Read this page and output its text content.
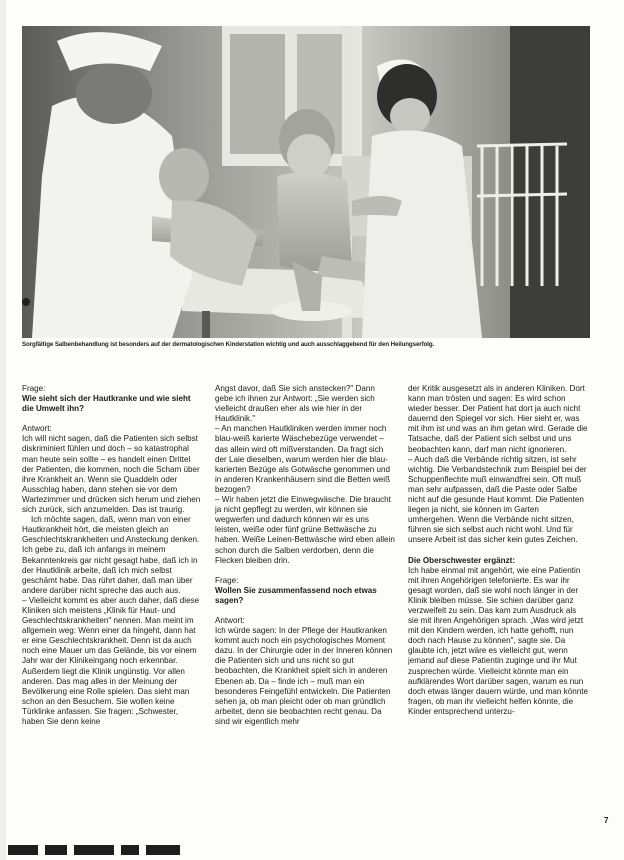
Sorgfältige Salbenbehandlung ist besonders auf der dermatologischen Kinderstation wichtig und auch ausschlaggebend für den Heilungserfolg.

Frage:

Wie sieht sich der Hautkranke und wie sieht die Umwelt ihn?

Antwort:

Ich will nicht sagen, daß die Patienten sich selbst diskriminiert fühlen und doch – so katastrophal man heute sein sollte – es handelt einen Drittel der Patienten, die kommen, noch die Scham über ihre Krankheit an. Wenn sie Quaddeln oder Ausschlag haben, dann stehen sie vor dem Wartezimmer und drücken sich herum und ziehen sich zurück, sich anzumelden. Das ist traurig.

Ich möchte sagen, daß, wenn man von einer Hautkrankheit hört, die meisten gleich an Geschlechtskrankheiten und Ansteckung denken. Ich gebe zu, daß ich anfangs in meinem Bekanntenkreis gar nicht gesagt habe, daß ich in der Hautklinik arbeite, daß ich mich selbst geschämt habe. Das rührt daher, daß man über andere darüber nicht spreche das auch aus.

– Vielleicht kommt es aber auch daher, daß diese Kliniken sich meistens „Klinik für Haut- und Geschlechtskrankheiten" nennen. Man meint im allgemein weg: Wenn einer da hingeht, dann hat er eine Geschlechtskrankheit. Denn ist da auch noch eine Mauer um das Gelände, bis vor einem Jahr war der Klinikeingang noch erkennbar. Außerdem liegt die Klinik ungünstig. Vor allen anderen. Das mag alles in der Meinung der Bevölkerung eine Rolle spielen. Das sieht man schon an den Besuchern. Sie wollen keine Türklinke anfassen. Sie fragen: „Schwester, haben Sie denn keine

Angst davor, daß Sie sich anstecken?" Dann gebe ich ihnen zur Antwort: „Sie werden sich vielleicht draußen eher als wie hier in der Hautklinik."

– An manchen Hautkliniken werden immer noch blau-weiß karierte Wäschebezüge verwendet – das allein wird oft mißverstanden. Da fragt sich der Laie dieselben, warum werden hier die blau-karierten Bezüge als Gotwäsche genommen und in anderen Krankenhäusern sind die Betten weiß bezogen?

– Wir haben jetzt die Einwegwäsche. Die braucht ja nicht gepflegt zu werden, wir können sie wegwerfen und dadurch können wir es uns leisten, weiße oder fünf grüne Bettwäsche zu haben. Weiße Leinen-Bettwäsche wird eben allein schon durch die Salben verdorben, denn die Flecken bleiben drin.

Frage:

Wollen Sie zusammenfassend noch etwas sagen?

Antwort:

Ich würde sagen: In der Pflege der Hautkranken kommt auch noch ein psychologisches Moment dazu. In der Chirurgie oder in der Inneren können die Patienten sich und uns nicht so gut beobachten, die Krankheit spielt sich in anderen Ebenen ab. Da – finde ich – muß man ein besonderes Feingefühl entwickeln. Die Patienten sehen ja, ob man pleicht oder ob man gründlich arbeitet, denn sie beobachten recht genau. Da sind wir eigentlich mehr

der Kritik ausgesetzt als in anderen Kliniken. Dort kann man trösten und sagen: Es wird schon wieder besser. Der Patient hat dort ja auch nicht dauernd den Spiegel vor sich. Hier sieht er, was mit ihm ist und was an ihm getan wird. Gerade die Tatsache, daß der Patient sich selbst und uns beobachten kann, darf man nicht ignorieren.

– Auch daß die Verbände richtig sitzen, ist sehr wichtig. Die Verbandstechnik zum Beispiel bei der Schuppenflechte muß einwandfrei sein. Oft muß man sehr aufpassen, daß die Paste oder Salbe nicht auf die gesunde Haut kommt. Die Patienten liegen ja nicht, sie können im Garten umhergehen. Wenn die Verbände nicht sitzen, führen sie sich selbst auch nicht wohl. Und für unsere Arbeit ist das sicher kein gutes Zeichen.

Die Oberschwester ergänzt:

Ich habe einmal mit angehört, wie eine Patientin mit ihren Angehörigen telefonierte. Es war ihr gesagt worden, daß sie wohl noch länger in der Klinik bleiben müsse. Sie schien darüber ganz verzweifelt zu sein. Das kam zum Ausdruck als sie mit ihren Angehörigen sprach. „Was wird jetzt mit den Kindern werden, ich hatte gehofft, nun doch nach Hause zu können", sagte sie. Da glaubte ich, jetzt wäre es vielleicht gut, wenn jemand auf diese Patientin zuginge und ihr Mut zusprechen würde. Vielleicht könnte man ein aufklärendes Wort darüber sagen, warum es nun doch etwas länger dauern würde, und man könnte fragen, ob man ihr vielleicht helfen könnte, die Kinder entsprechend unterzu-

7
